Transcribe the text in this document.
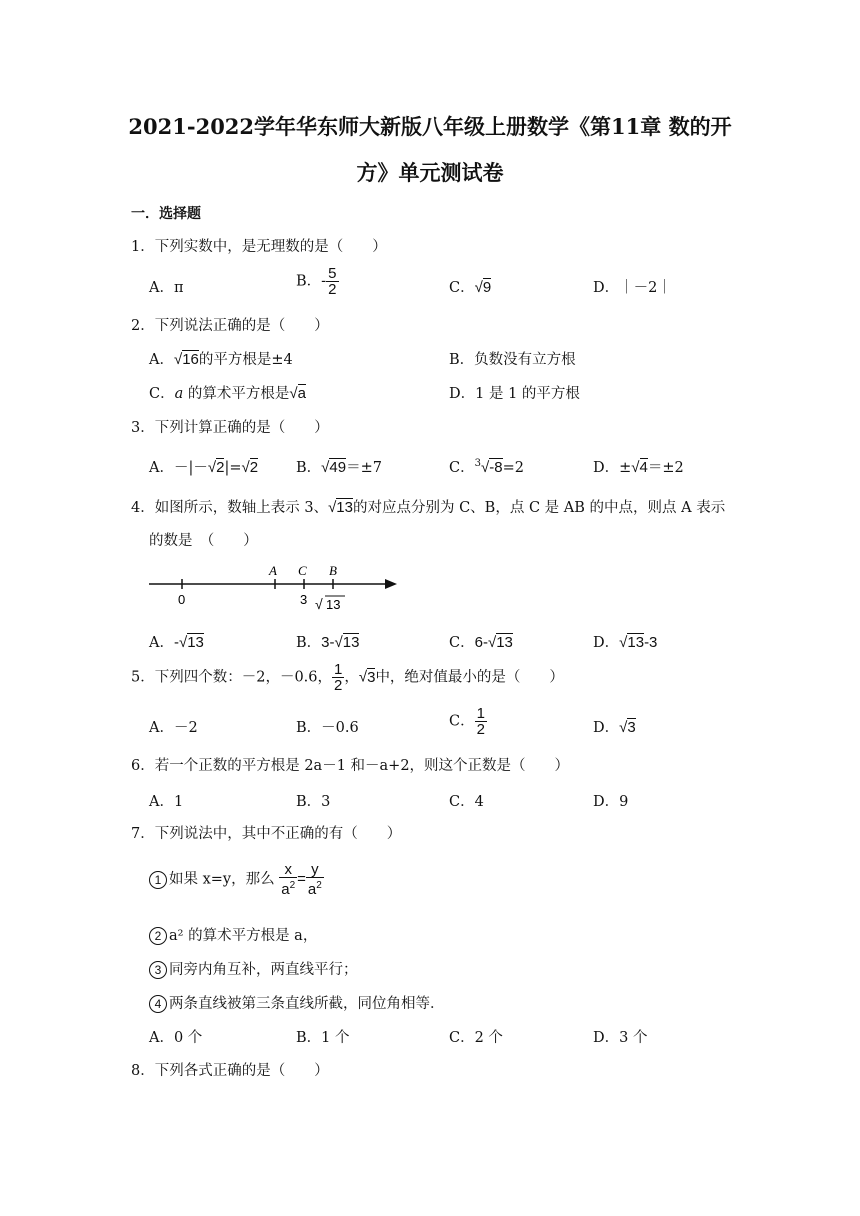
2021-2022学年华东师大新版八年级上册数学《第11章 数的开
方》单元测试卷
一．选择题
1．下列实数中，是无理数的是（　　）
A．π	B．- $\frac{5}{2}$	C．√9	D．｜－2｜
2．下列说法正确的是（　　）
A．√16的平方根是±4	B．负数没有立方根
C．a 的算术平方根是√a	D．1 是 1 的平方根
3．下列计算正确的是（　　）
A．－|－√2|=√2	B．√49＝±7	C．$^3$√-8=2	D．±√4＝±2
4．如图所示，数轴上表示 3、√13的对应点分别为 C、B，点 C 是 AB 的中点，则点 A 表示
的数是　（　　）
0
A C B
3 √ 13
A．-√13	B．3-√13	C．6-√13	D．√13-3
5．下列四个数：－2，－0.6， $\frac{1}{2}$ ，√3中，绝对值最小的是（　　）
A．－2	B．－0.6	C． $\frac{1}{2}$	D．√3
6．若一个正数的平方根是 2a－1 和－a+2，则这个正数是（　　）
A．1	B．3	C．4	D．9
7．下列说法中，其中不正确的有（　　）
1 如果 x=y，那么 $\frac{x}{a^2} = \frac{y}{a^2}$
2 a² 的算术平方根是 a，
3 同旁内角互补，两直线平行；
4 两条直线被第三条直线所截，同位角相等．
A．0 个	B．1 个	C．2 个	D．3 个
8．下列各式正确的是（　　）
